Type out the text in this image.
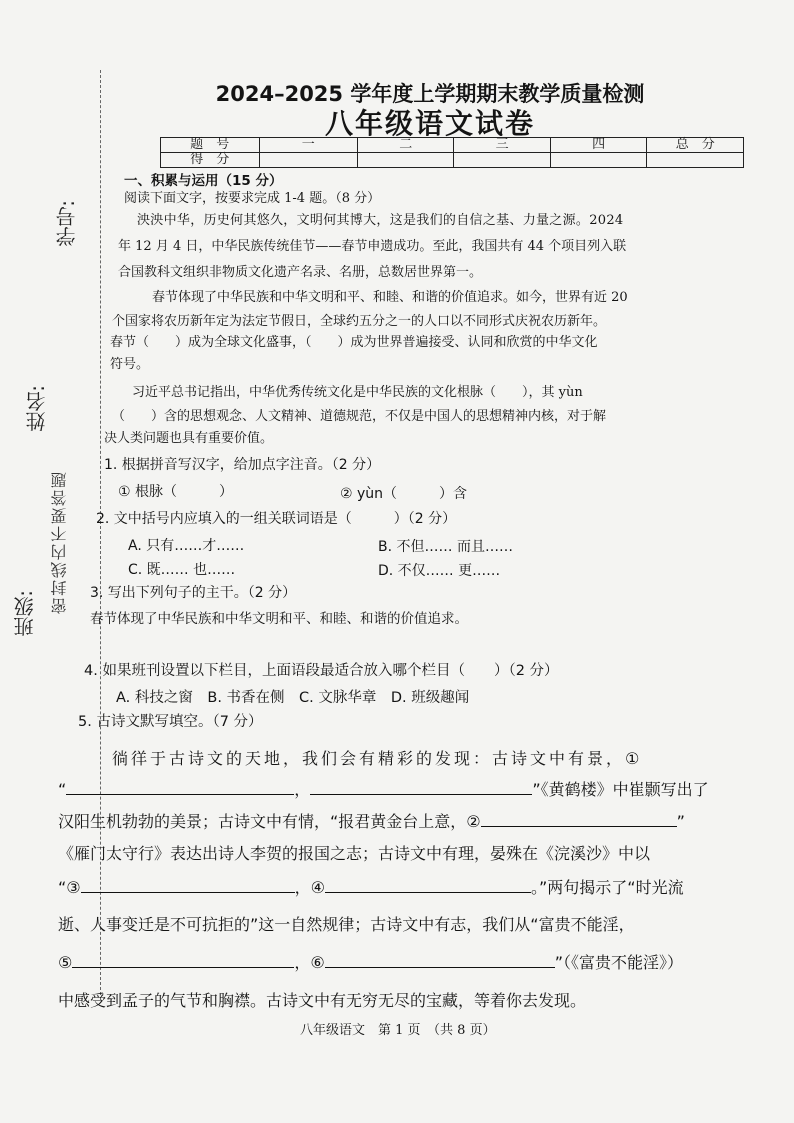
学号:
姓名:
班级: 密封线内不要答题
2024–2025 学年度上学期期末教学质量检测
八年级语文试卷
题　号	一	二	三	四	总　分
得　分					
一、积累与运用（15 分）
阅读下面文字，按要求完成 1-4 题。（8 分）
泱泱中华，历史何其悠久，文明何其博大，这是我们的自信之基、力量之源。2024
年 12 月 4 日，中华民族传统佳节——春节申遗成功。至此，我国共有 44 个项目列入联
合国教科文组织非物质文化遗产名录、名册，总数居世界第一。
春节体现了中华民族和中华文明和平、和睦、和谐的价值追求。如今，世界有近 20
个国家将农历新年定为法定节假日，全球约五分之一的人口以不同形式庆祝农历新年。
春节（　　）成为全球文化盛事，（　　）成为世界普遍接受、认同和欣赏的中华文化
符号。
习近平总书记指出，中华优秀传统文化是中华民族的文化根脉（　　），其 yùn
（　　）含的思想观念、人文精神、道德规范，不仅是中国人的思想精神内核，对于解
决人类问题也具有重要价值。
1. 根据拼音写汉字，给加点字注音。（2 分）
① 根脉（　　　）	② yùn（　　　）含
2. 文中括号内应填入的一组关联词语是（　　　）（2 分）
A. 只有……才……	B. 不但…… 而且……
C. 既…… 也……	D. 不仅…… 更……
3. 写出下列句子的主干。（2 分）
春节体现了中华民族和中华文明和平、和睦、和谐的价值追求。
4. 如果班刊设置以下栏目，上面语段最适合放入哪个栏目（　　）（2 分）
A. 科技之窗　B. 书香在侧　C. 文脉华章　D. 班级趣闻
5. 古诗文默写填空。（7 分）
徜徉于古诗文的天地，我们会有精彩的发现：古诗文中有景，①
“	，	”《黄鹤楼》中崔颢写出了
汉阳生机勃勃的美景；古诗文中有情，“报君黄金台上意，②	”
《雁门太守行》表达出诗人李贺的报国之志；古诗文中有理，晏殊在《浣溪沙》中以
“③	，④	。”两句揭示了“时光流
逝、人事变迁是不可抗拒的”这一自然规律；古诗文中有志，我们从“富贵不能淫，
⑤	，⑥	”（《富贵不能淫》）
中感受到孟子的气节和胸襟。古诗文中有无穷无尽的宝藏，等着你去发现。
八年级语文　第 1 页　（共 8 页）
